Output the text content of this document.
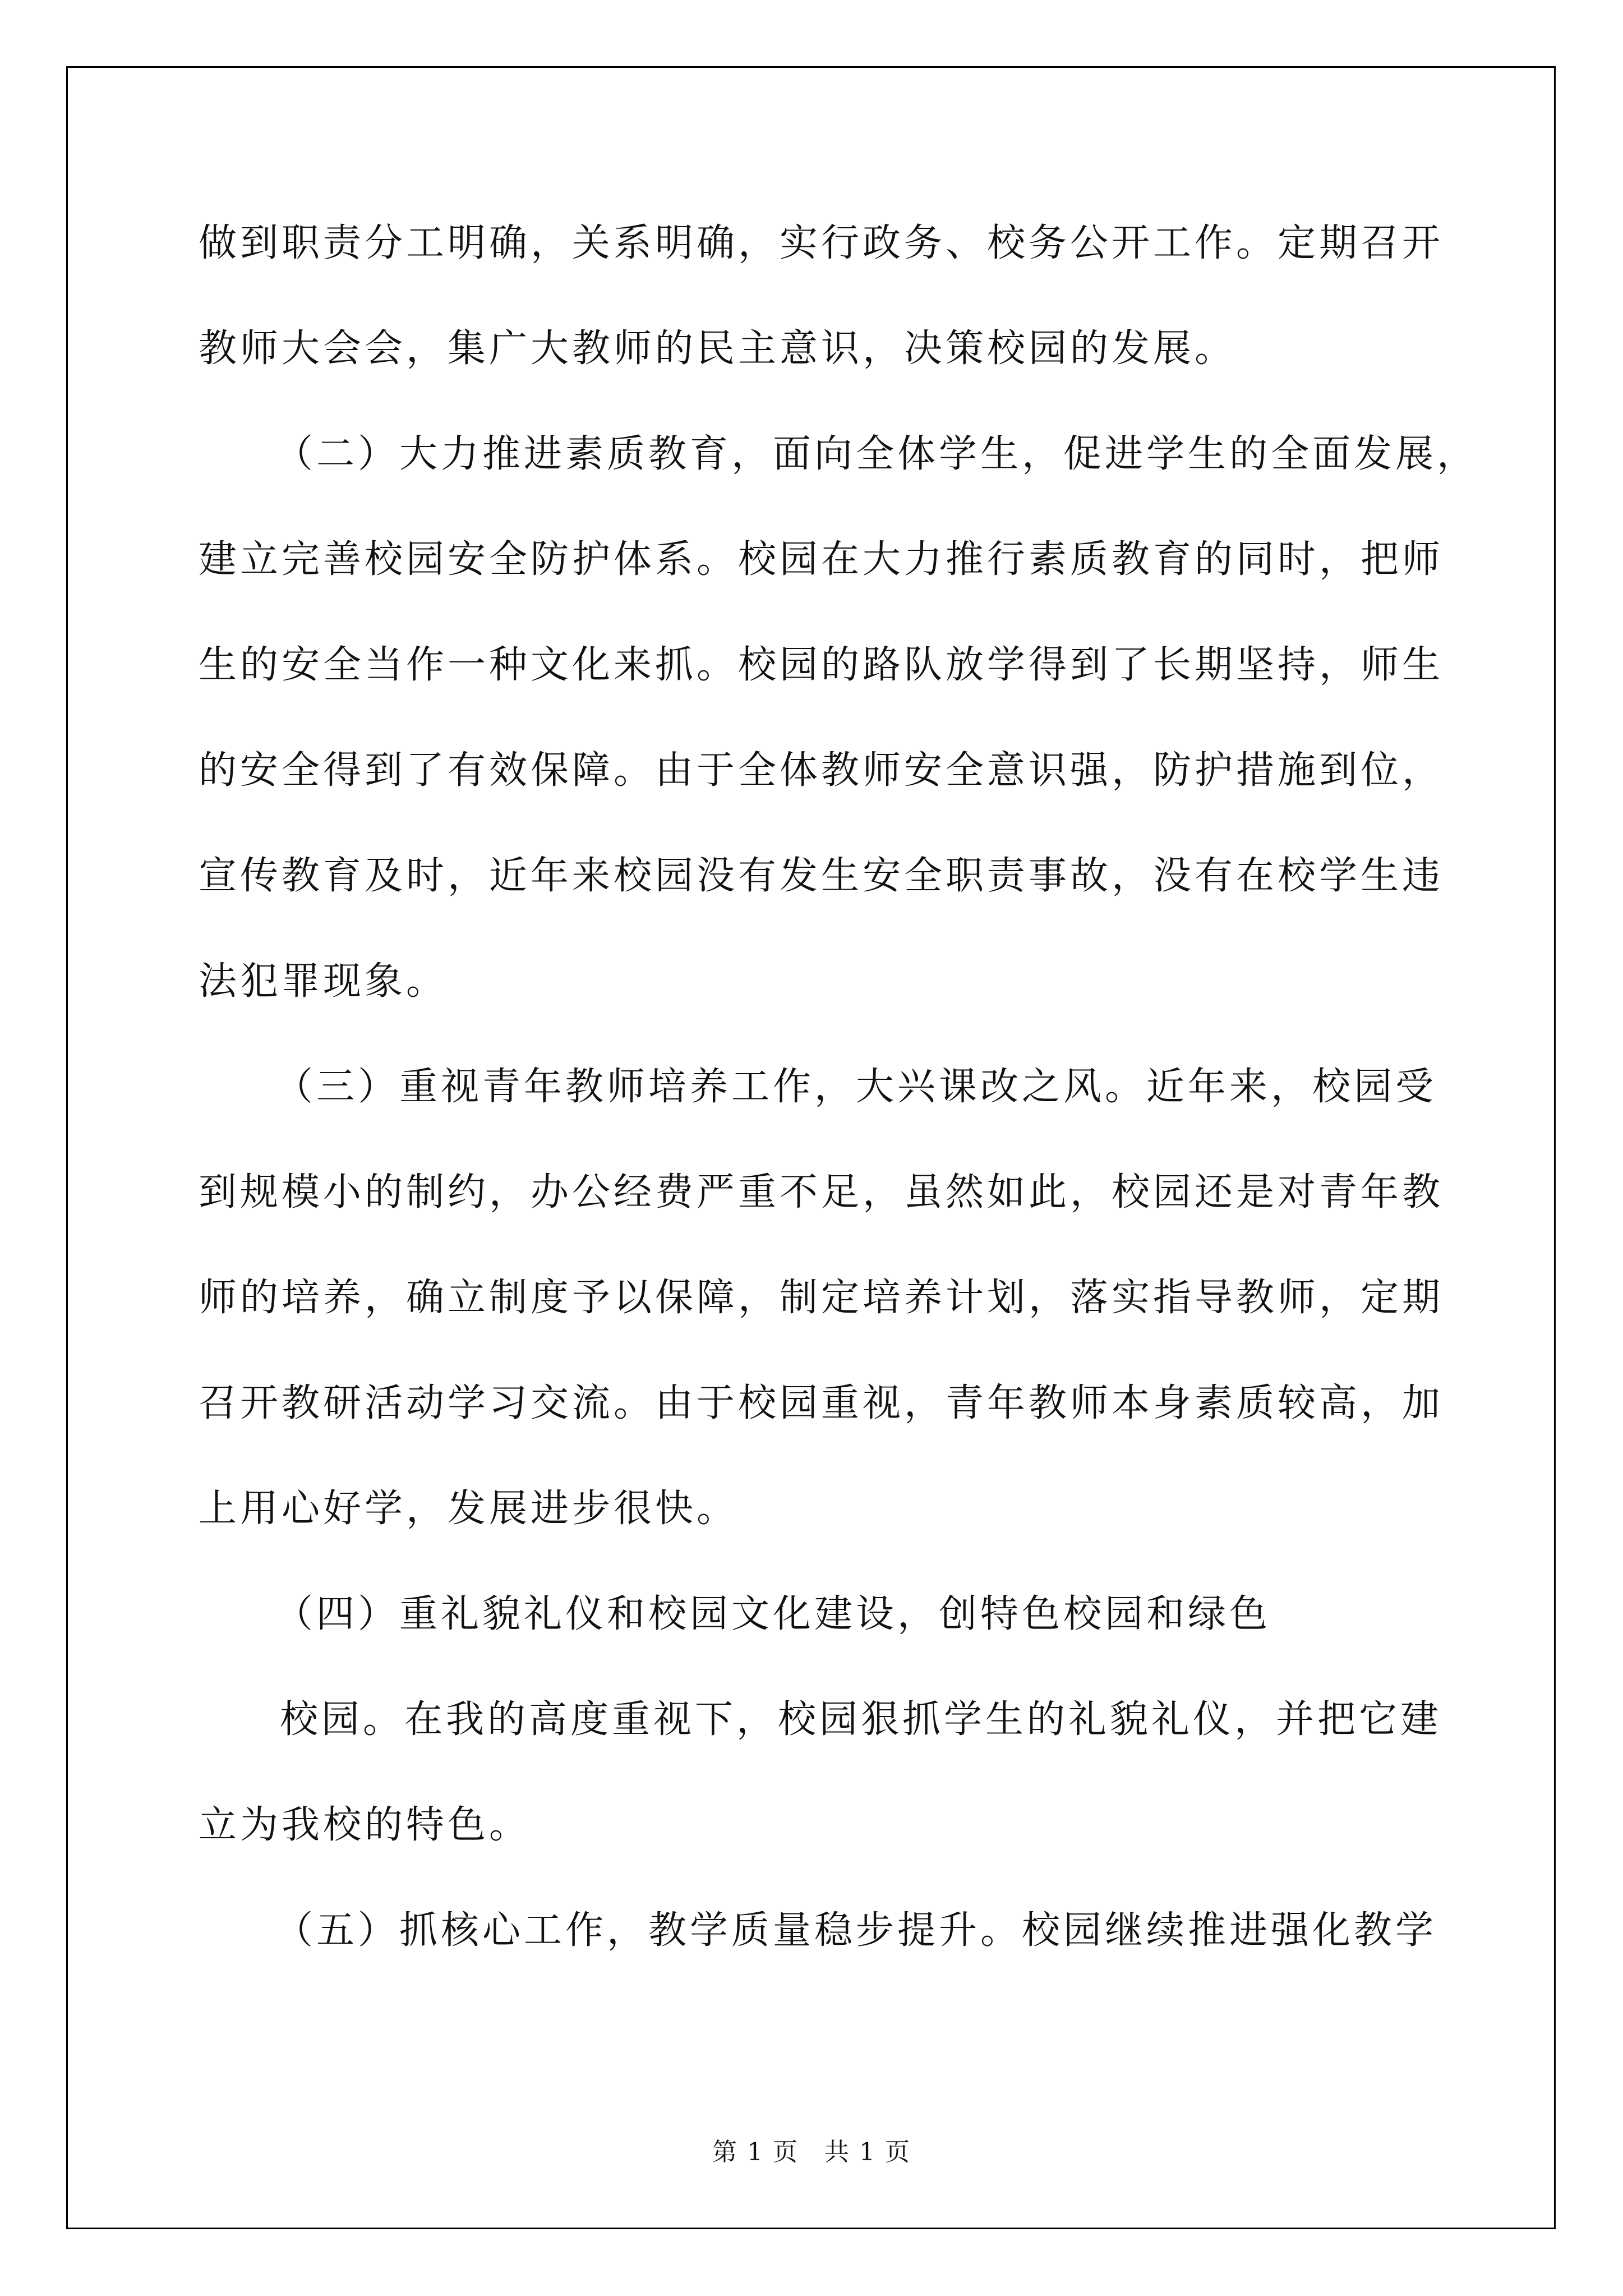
做到职责分工明确，关系明确，实行政务、校务公开工作。定期召开
教师大会会，集广大教师的民主意识，决策校园的发展。
（二）大力推进素质教育，面向全体学生，促进学生的全面发展，
建立完善校园安全防护体系。校园在大力推行素质教育的同时，把师
生的安全当作一种文化来抓。校园的路队放学得到了长期坚持，师生
的安全得到了有效保障。由于全体教师安全意识强，防护措施到位，
宣传教育及时，近年来校园没有发生安全职责事故，没有在校学生违
法犯罪现象。
（三）重视青年教师培养工作，大兴课改之风。近年来，校园受
到规模小的制约，办公经费严重不足，虽然如此，校园还是对青年教
师的培养，确立制度予以保障，制定培养计划，落实指导教师，定期
召开教研活动学习交流。由于校园重视，青年教师本身素质较高，加
上用心好学，发展进步很快。
（四）重礼貌礼仪和校园文化建设，创特色校园和绿色
校园。在我的高度重视下，校园狠抓学生的礼貌礼仪，并把它建
立为我校的特色。
（五）抓核心工作，教学质量稳步提升。校园继续推进强化教学
第 1 页　共 1 页
